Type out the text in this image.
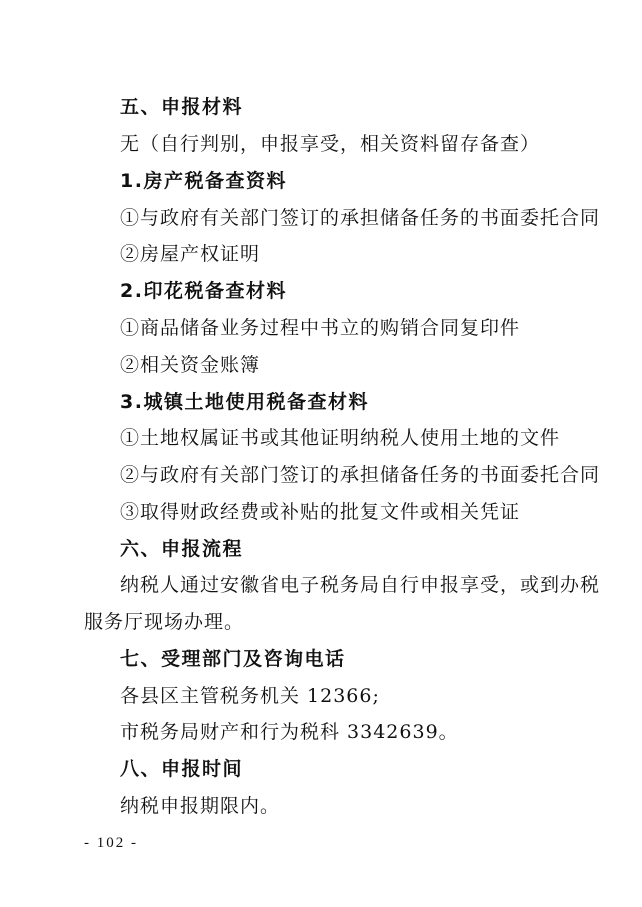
五、申报材料
无（自行判别，申报享受，相关资料留存备查）
1.房产税备查资料
①与政府有关部门签订的承担储备任务的书面委托合同
②房屋产权证明
2.印花税备查材料
①商品储备业务过程中书立的购销合同复印件
②相关资金账簿
3.城镇土地使用税备查材料
①土地权属证书或其他证明纳税人使用土地的文件
②与政府有关部门签订的承担储备任务的书面委托合同
③取得财政经费或补贴的批复文件或相关凭证
六、申报流程
纳税人通过安徽省电子税务局自行申报享受，或到办税
服务厅现场办理。
七、受理部门及咨询电话
各县区主管税务机关 12366;
市税务局财产和行为税科 3342639。
八、申报时间
纳税申报期限内。
- 102 -
